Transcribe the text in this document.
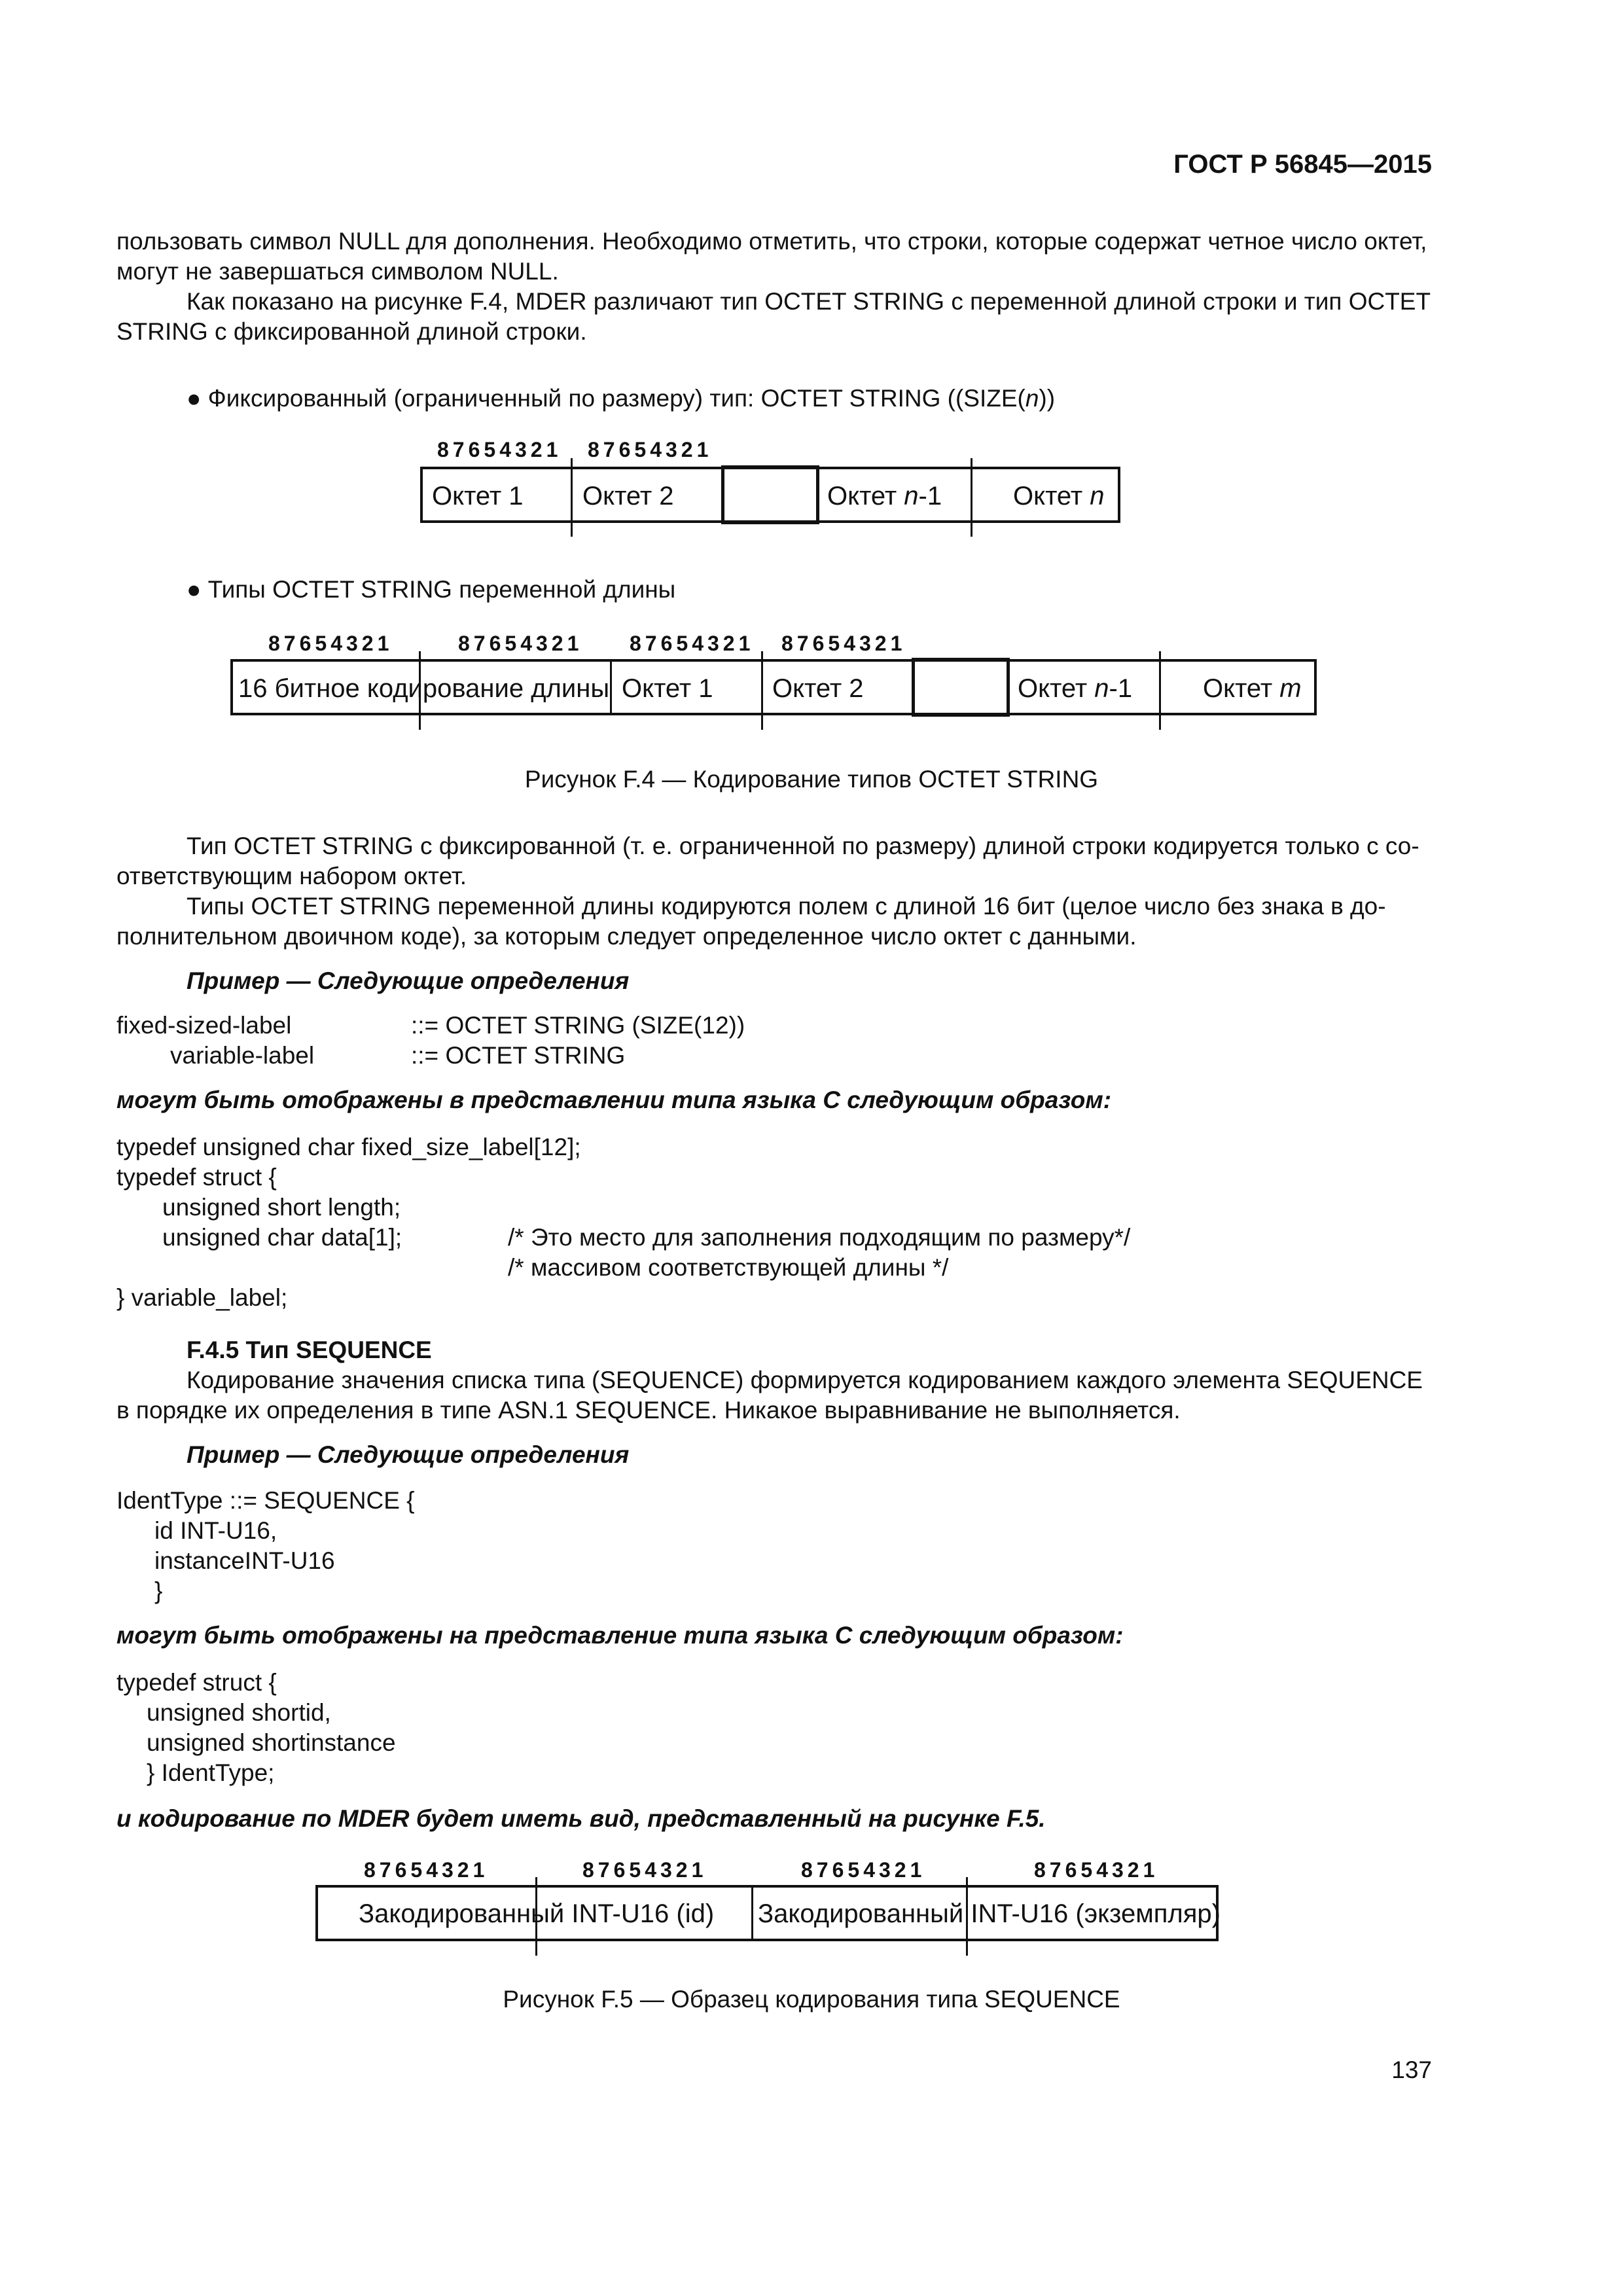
ГОСТ Р 56845—2015
пользовать символ NULL для дополнения. Необходимо отметить, что строки, которые содержат четное число октет,
могут не завершаться символом NULL.
Как показано на рисунке F.4, MDER различают тип OCTET STRING с переменной длиной строки и тип OCTET
STRING с фиксированной длиной строки.
● Фиксированный (ограниченный по размеру) тип: OCTET STRING ((SIZE(n))
87654321 87654321
Октет 1 Октет 2	Октет n-1	Октет n
● Типы OCTET STRING переменной длины
87654321	87654321 87654321 87654321
16 битное кодирование длины Октет 1 Октет 2	Октет n-1	Октет m
Рисунок F.4 — Кодирование типов OCTET STRING
Тип OCTET STRING с фиксированной (т. е. ограниченной по размеру) длиной строки кодируется только с со-
ответствующим набором октет.
Типы OCTET STRING переменной длины кодируются полем с длиной 16 бит (целое число без знака в до-
полнительном двоичном коде), за которым следует определенное число октет с данными.
Пример — Следующие определения
fixed-sized-label	::= OCTET STRING (SIZE(12))
variable-label	::= OCTET STRING
могут быть отображены в представлении типа языка С следующим образом:
typedef unsigned char fixed_size_label[12];
typedef struct {
unsigned short length;
unsigned char data[1];	/* Это место для заполнения подходящим по размеру*/
/* массивом соответствующей длины */
} variable_label;
F.4.5 Тип SEQUENCE
Кодирование значения списка типа (SEQUENCE) формируется кодированием каждого элемента SEQUENCE
в порядке их определения в типе ASN.1 SEQUENCE. Никакое выравнивание не выполняется.
Пример — Следующие определения
IdentType ::= SEQUENCE {
id INT-U16,
instanceINT-U16
}
могут быть отображены на представление типа языка С следующим образом:
typedef struct {
unsigned shortid,
unsigned shortinstance
} IdentType;
и кодирование по MDER будет иметь вид, представленный на рисунке F.5.
87654321	87654321	87654321	87654321
Закодированный INT-U16 (id) Закодированный INT-U16 (экземпляр)
Рисунок F.5 — Образец кодирования типа SEQUENCE
137
